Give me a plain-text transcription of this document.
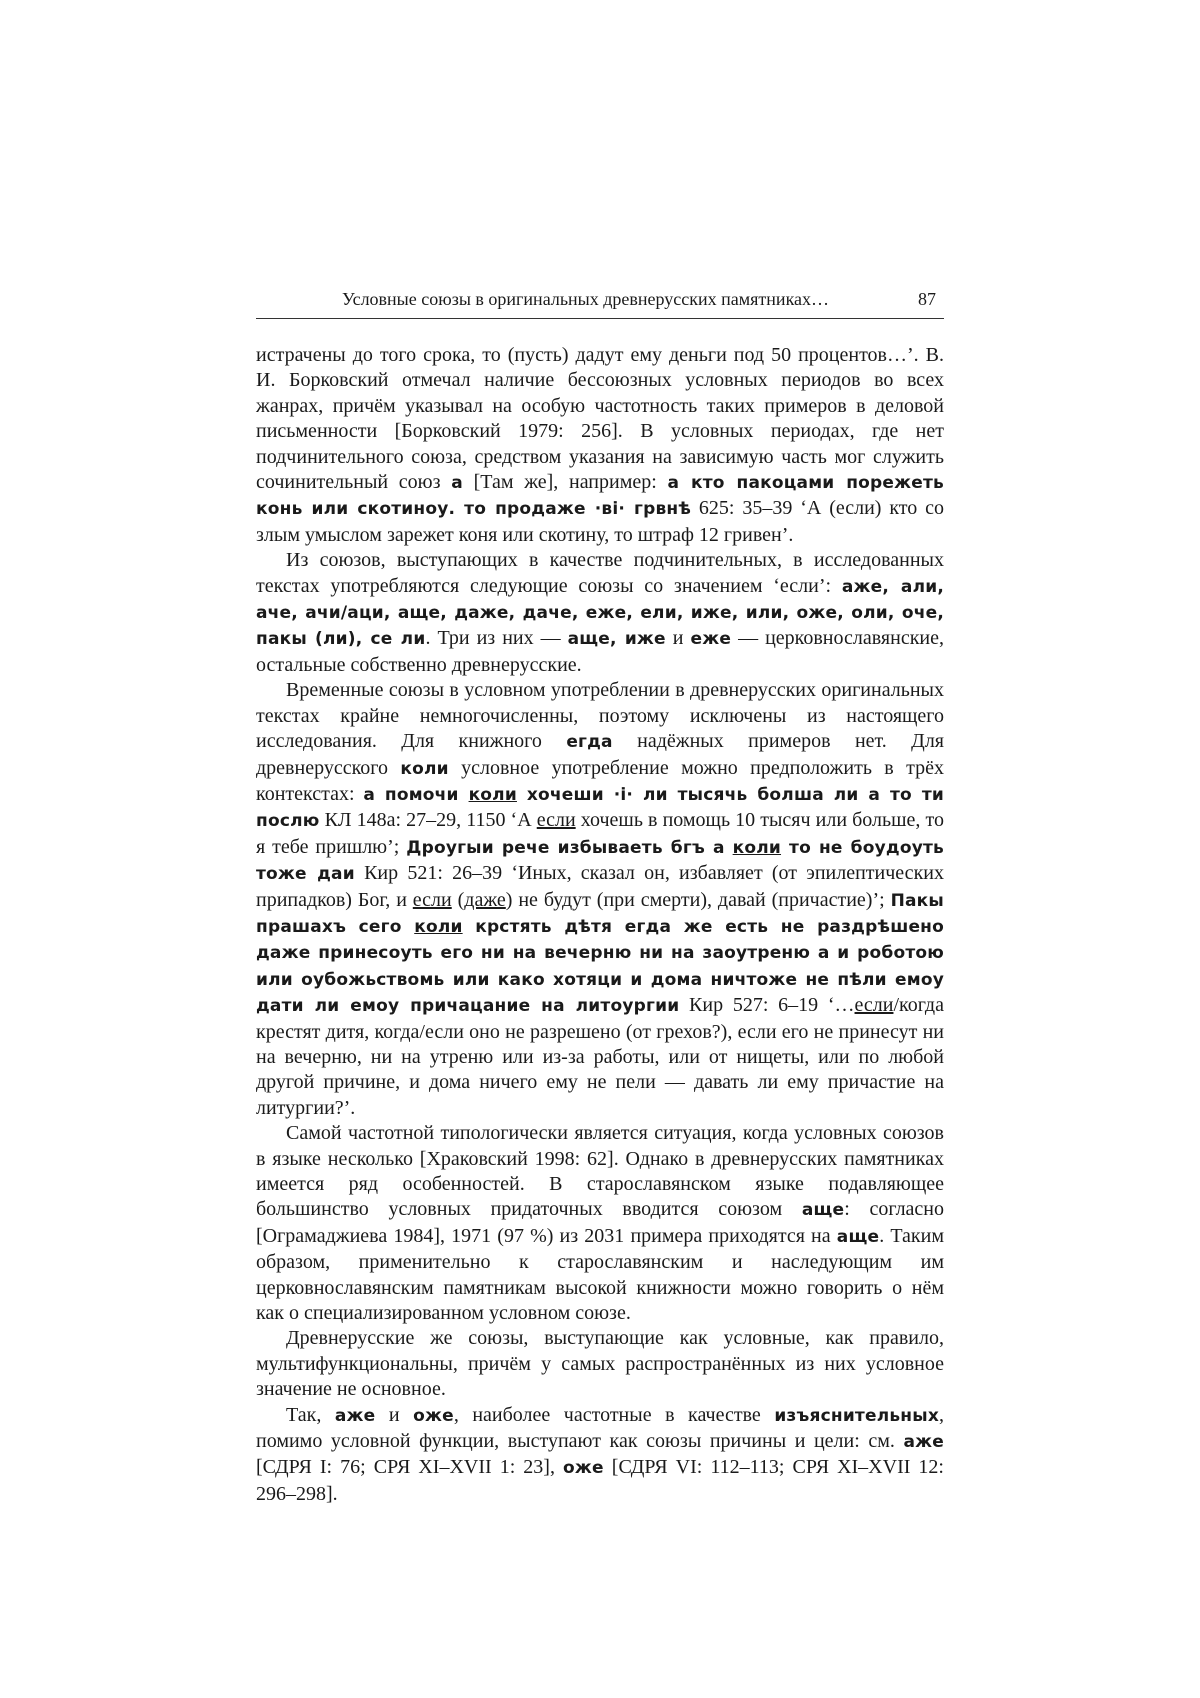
Условные союзы в оригинальных древнерусских памятниках…	87

истрачены до того срока, то (пусть) дадут ему деньги под 50 процентов…’. В. И. Борковский отмечал наличие бессоюзных условных периодов во всех жанрах, причём указывал на особую частотность таких примеров в деловой письменности [Борковский 1979: 256]. В условных периодах, где нет подчинительного союза, средством указания на зависимую часть мог служить сочинительный союз а [Там же], например: а кто пакоцами порежеть конь или скотиноу. то продаже ·ві· грвнѣ 625: 35–39 ‘А (если) кто со злым умыслом зарежет коня или скотину, то штраф 12 гривен’.

Из союзов, выступающих в качестве подчинительных, в исследованных текстах употребляются следующие союзы со значением ‘если’: аже, али, аче, ачи/аци, аще, даже, даче, еже, ели, иже, или, оже, оли, оче, пакы (ли), се ли. Три из них — аще, иже и еже — церковнославянские, остальные собственно древнерусские.

Временные союзы в условном употреблении в древнерусских оригинальных текстах крайне немногочисленны, поэтому исключены из настоящего исследования. Для книжного егда надёжных примеров нет. Для древнерусского коли условное употребление можно предположить в трёх контекстах: а помочи коли хочеши ·і· ли тысячь болша ли а то ти послю КЛ 148а: 27–29, 1150 ‘А если хочешь в помощь 10 тысяч или больше, то я тебе пришлю’; Дроугыи рече избываеть бгъ а коли то не боудоуть тоже даи Кир 521: 26–39 ‘Иных, сказал он, избавляет (от эпилептических припадков) Бог, и если (даже) не будут (при смерти), давай (причастие)’; Пакы прашахъ сего коли крстять дѣтя егда же есть не раздрѣшено даже принесоуть его ни на вечерню ни на заоутреню а и роботою или оубожьствомь или како хотяци и дома ничтоже не пѣли емоу дати ли емоу причацание на литоургии Кир 527: 6–19 ‘…если/когда крестят дитя, когда/если оно не разрешено (от грехов?), если его не принесут ни на вечерню, ни на утреню или из-за работы, или от нищеты, или по любой другой причине, и дома ничего ему не пели — давать ли ему причастие на литургии?’.

Самой частотной типологически является ситуация, когда условных союзов в языке несколько [Храковский 1998: 62]. Однако в древнерусских памятниках имеется ряд особенностей. В старославянском языке подавляющее большинство условных придаточных вводится союзом аще: согласно [Ограмаджиева 1984], 1971 (97 %) из 2031 примера приходятся на аще. Таким образом, применительно к старославянским и наследующим им церковнославянским памятникам высокой книжности можно говорить о нём как о специализированном условном союзе.

Древнерусские же союзы, выступающие как условные, как правило, мультифункциональны, причём у самых распространённых из них условное значение не основное.

Так, аже и оже, наиболее частотные в качестве изъяснительных, помимо условной функции, выступают как союзы причины и цели: см. аже [СДРЯ I: 76; СРЯ XI–XVII 1: 23], оже [СДРЯ VI: 112–113; СРЯ XI–XVII 12: 296–298].
